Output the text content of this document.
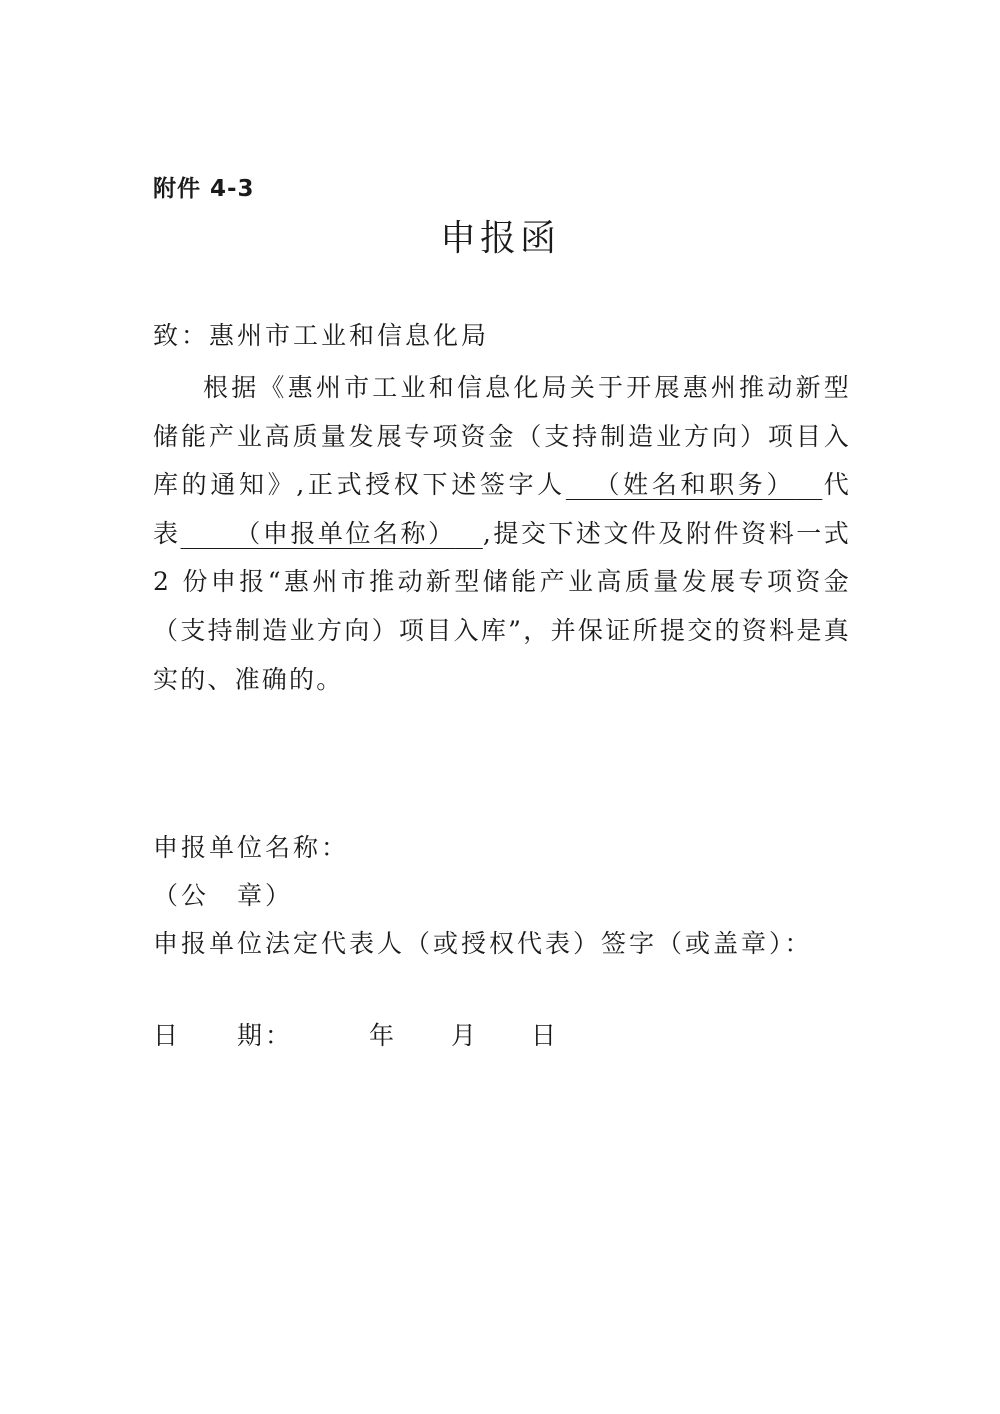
附件 4-3
申报函
致：惠州市工业和信息化局
根据《惠州市工业和信息化局关于开展惠州推动新型储能产业高质量发展专项资金（支持制造业方向）项目入库的通知》,正式授权下述签字人  （姓名和职务）  代表   （申报单位名称）  ,提交下述文件及附件资料一式 2 份申报“惠州市推动新型储能产业高质量发展专项资金（支持制造业方向）项目入库”，并保证所提交的资料是真实的、准确的。
申报单位名称：
（公　章）
申报单位法定代表人（或授权代表）签字（或盖章）：
日　　期：	年 月 日
